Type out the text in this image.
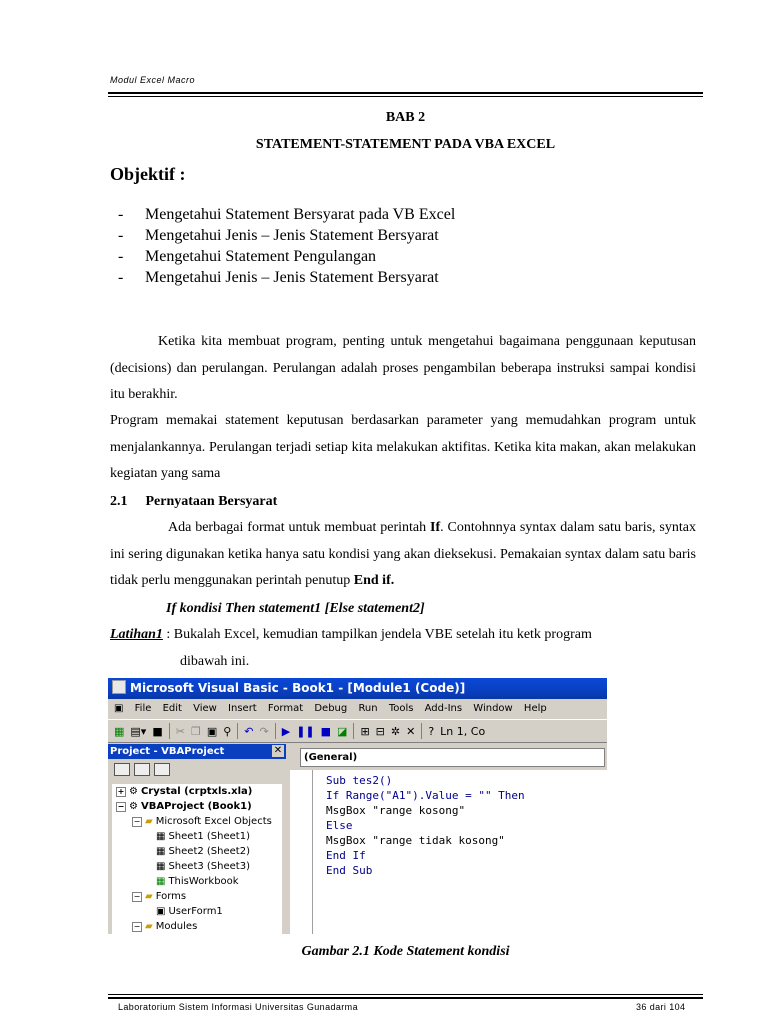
Modul Excel Macro
BAB 2
STATEMENT-STATEMENT PADA VBA EXCEL
Objektif :
-	Mengetahui Statement Bersyarat pada VB Excel
-	Mengetahui Jenis – Jenis Statement Bersyarat
-	Mengetahui Statement Pengulangan
-	Mengetahui Jenis – Jenis Statement Bersyarat
Ketika kita membuat program, penting untuk mengetahui bagaimana penggunaan keputusan (decisions) dan perulangan. Perulangan adalah proses pengambilan beberapa instruksi sampai kondisi itu berakhir.
Program memakai statement keputusan berdasarkan parameter yang memudahkan program untuk menjalankannya. Perulangan terjadi setiap kita melakukan aktifitas. Ketika kita makan, akan melakukan kegiatan yang sama
2.1 Pernyataan Bersyarat
Ada berbagai format untuk membuat perintah If. Contohnnya syntax dalam satu baris, syntax ini sering digunakan ketika hanya satu kondisi yang akan dieksekusi. Pemakaian syntax dalam satu baris tidak perlu menggunakan perintah penutup End if.
If kondisi Then statement1 [Else statement2]
Latihan1 : Bukalah Excel, kemudian tampilkan jendela VBE setelah itu ketk program
dibawah ini.
Microsoft Visual Basic - Book1 - [Module1 (Code)]
▣ File Edit View Insert Format Debug Run Tools Add-Ins Window Help
▦ ▤▾ ■ ✂ ❐ ▣ ⚲ ↶ ↷ ▶ ❚❚ ■ ◪ ⊞ ⊟ ✲ ✕ ? Ln 1, Co
Project - VBAProject	✕
+ ⚙ Crystal (crptxls.xla)
− ⚙ VBAProject (Book1)
− ▰ Microsoft Excel Objects
▦ Sheet1 (Sheet1)
▦ Sheet2 (Sheet2)
▦ Sheet3 (Sheet3)
▦ ThisWorkbook
− ▰ Forms
▣ UserForm1
− ▰ Modules
(General)
Sub tes2()
If Range("A1").Value = "" Then
MsgBox "range kosong"
Else
MsgBox "range tidak kosong"
End If
End Sub
Gambar 2.1 Kode Statement kondisi
Laboratorium Sistem Informasi Universitas Gunadarma	36 dari 104
